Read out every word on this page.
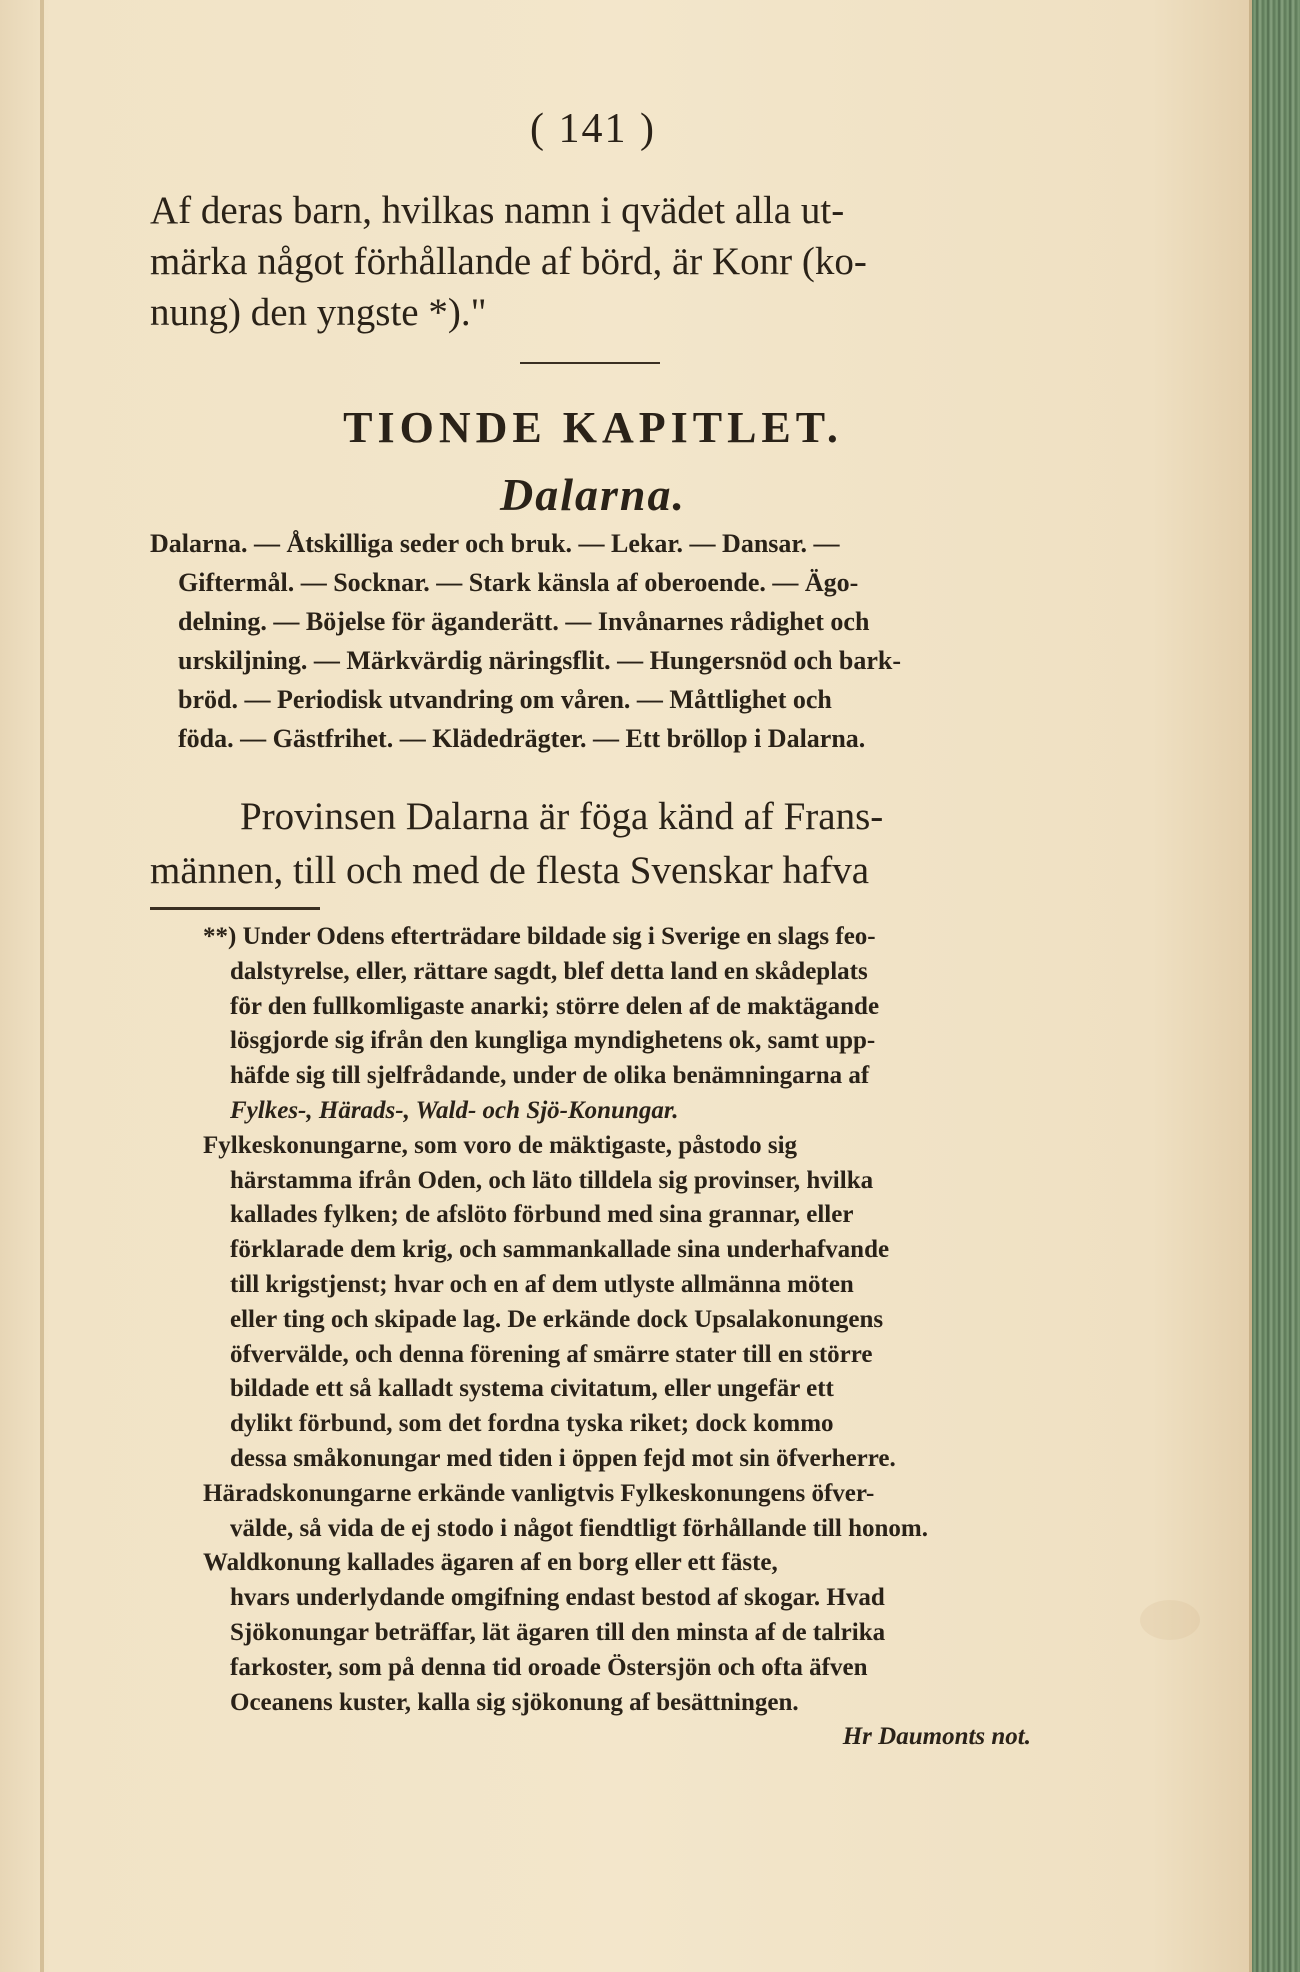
( 141 )
Af deras barn, hvilkas namn i qvädet alla ut-
märka något förhållande af börd, är Konr (ko-
nung) den yngste *)."
TIONDE KAPITLET.
Dalarna.
Dalarna. — Åtskilliga seder och bruk. — Lekar. — Dansar. —
Giftermål. — Socknar. — Stark känsla af oberoende. — Ägo-
delning. — Böjelse för äganderätt. — Invånarnes rådighet och
urskiljning. — Märkvärdig näringsflit. — Hungersnöd och bark-
bröd. — Periodisk utvandring om våren. — Måttlighet och
föda. — Gästfrihet. — Klädedrägter. — Ett bröllop i Dalarna.
Provinsen Dalarna är föga känd af Frans-
männen, till och med de flesta Svenskar hafva
**) Under Odens efterträdare bildade sig i Sverige en slags feo-
dalstyrelse, eller, rättare sagdt, blef detta land en skådeplats
för den fullkomligaste anarki; större delen af de maktägande
lösgjorde sig ifrån den kungliga myndighetens ok, samt upp-
häfde sig till sjelfrådande, under de olika benämningarna af
Fylkes-, Härads-, Wald- och Sjö-Konungar.
Fylkeskonungarne, som voro de mäktigaste, påstodo sig
härstamma ifrån Oden, och läto tilldela sig provinser, hvilka
kallades fylken; de afslöto förbund med sina grannar, eller
förklarade dem krig, och sammankallade sina underhafvande
till krigstjenst; hvar och en af dem utlyste allmänna möten
eller ting och skipade lag. De erkände dock Upsalakonungens
öfvervälde, och denna förening af smärre stater till en större
bildade ett så kalladt systema civitatum, eller ungefär ett
dylikt förbund, som det fordna tyska riket; dock kommo
dessa småkonungar med tiden i öppen fejd mot sin öfverherre.
Häradskonungarne erkände vanligtvis Fylkeskonungens öfver-
välde, så vida de ej stodo i något fiendtligt förhållande till honom.
Waldkonung kallades ägaren af en borg eller ett fäste,
hvars underlydande omgifning endast bestod af skogar. Hvad
Sjökonungar beträffar, lät ägaren till den minsta af de talrika
farkoster, som på denna tid oroade Östersjön och ofta äfven
Oceanens kuster, kalla sig sjökonung af besättningen.
Hr Daumonts not.
